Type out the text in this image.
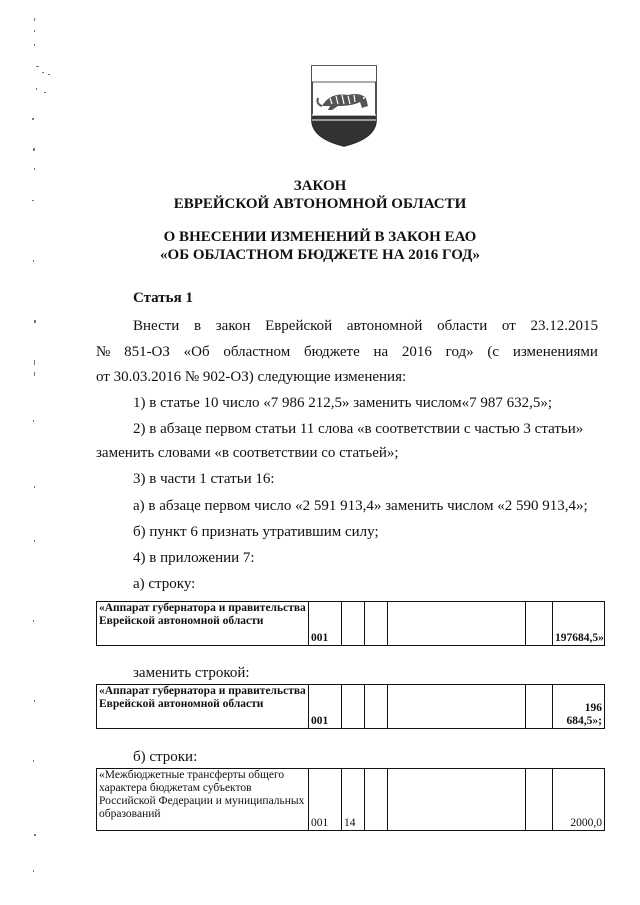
ЗАКОН
ЕВРЕЙСКОЙ АВТОНОМНОЙ ОБЛАСТИ
О ВНЕСЕНИИ ИЗМЕНЕНИЙ В ЗАКОН ЕАО
«ОБ ОБЛАСТНОМ БЮДЖЕТЕ НА 2016 ГОД»
Статья 1
Внести в закон Еврейской автономной области от 23.12.2015
№ 851-ОЗ «Об областном бюджете на 2016 год» (с изменениями
от 30.03.2016 № 902-ОЗ) следующие изменения:
1) в статье 10 число «7 986 212,5» заменить числом«7 987 632,5»;
2) в абзаце первом статьи 11 слова «в соответствии с частью 3 статьи»
заменить словами «в соответствии со статьей»;
3) в части 1 статьи 16:
а) в абзаце первом число «2 591 913,4» заменить числом «2 590 913,4»;
б) пункт 6 признать утратившим силу;
4) в приложении 7:
а) строку:
«Аппарат губернатора и правительства Еврейской автономной области	001					197684,5»
заменить строкой:
«Аппарат губернатора и правительства Еврейской автономной области	001					196 684,5»;
б) строки:
«Межбюджетные трансферты общего характера бюджетам субъектов Российской Федерации и муниципальных образований	001	14				2000,0
